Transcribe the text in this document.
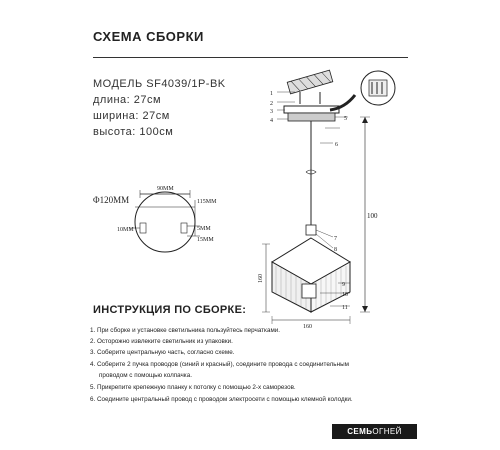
СХЕМА СБОРКИ
МОДЕЛЬ SF4039/1P-BK
длина: 27см
ширина: 27см
высота: 100см
Φ120MM
90MM
115MM
10MM	5MM
15MM
1
2
3
4	5
6
7
8
9
10
11
100
160
160
ИНСТРУКЦИЯ ПО СБОРКЕ:
1. При сборке и установке светильника пользуйтесь перчатками.
2. Осторожно извлеките светильник из упаковки.
3. Соберите центральную часть, согласно схеме.
4. Соберите 2 пучка проводов (синий и красный), соедините провода с соединительным
проводом с помощью колпачка.
5. Прикрепите крепежную планку к потолку с помощью 2-х саморезов.
6. Соедините центральный провод с проводом электросети с помощью клемной колодки.
СЕМЬ ОГНЕЙ
